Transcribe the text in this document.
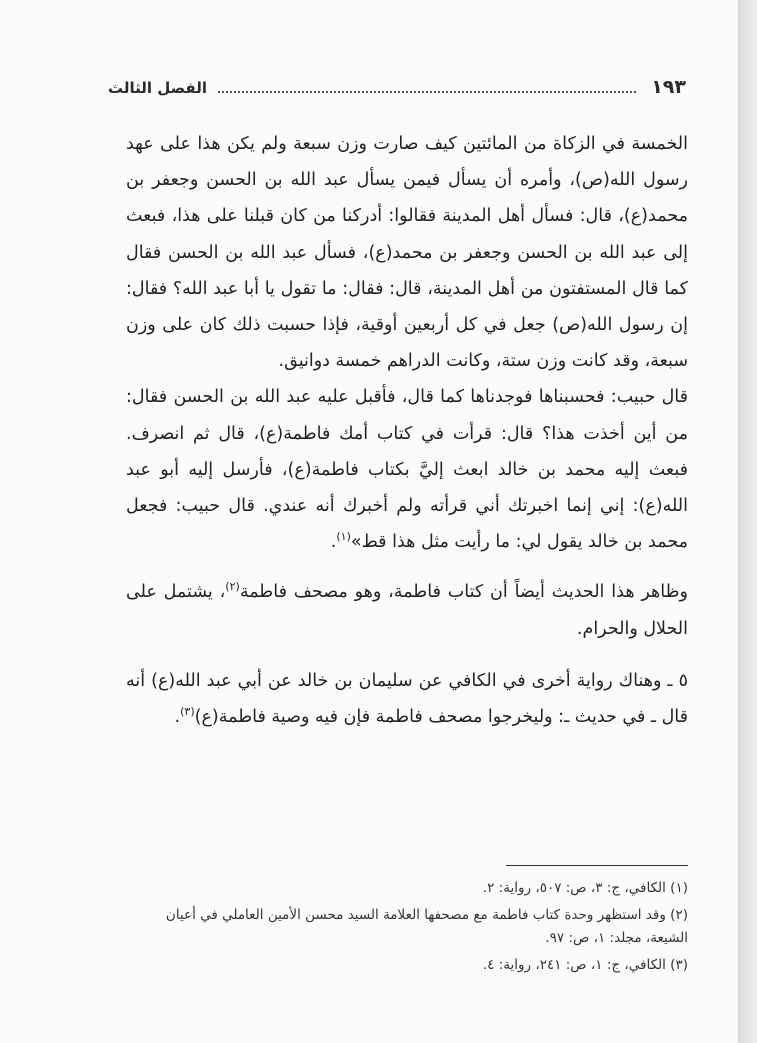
١٩٣
الفصل الثالث

الخمسة في الزكاة من المائتين كيف صارت وزن سبعة ولم يكن هذا على عهد رسول الله(ص)، وأمره أن يسأل فيمن يسأل عبد الله بن الحسن وجعفر بن محمد(ع)، قال: فسأل أهل المدينة فقالوا: أدركنا من كان قبلنا على هذا، فبعث إلى عبد الله بن الحسن وجعفر بن محمد(ع)، فسأل عبد الله بن الحسن فقال كما قال المستفتون من أهل المدينة، قال: فقال: ما تقول يا أبا عبد الله؟ فقال: إن رسول الله(ص) جعل في كل أربعين أوقية، فإذا حسبت ذلك كان على وزن سبعة، وقد كانت وزن ستة، وكانت الدراهم خمسة دوانيق.

قال حبيب: فحسبناها فوجدناها كما قال، فأقبل عليه عبد الله بن الحسن فقال: من أين أخذت هذا؟ قال: قرأت في كتاب أمك فاطمة(ع)، قال ثم انصرف. فبعث إليه محمد بن خالد ابعث إليَّ بكتاب فاطمة(ع)، فأرسل إليه أبو عبد الله(ع): إني إنما اخبرتك أني قرأته ولم أخبرك أنه عندي. قال حبيب: فجعل محمد بن خالد يقول لي: ما رأيت مثل هذا قط»$^{(١)}$.

وظاهر هذا الحديث أيضاً أن كتاب فاطمة، وهو مصحف فاطمة$^{(٢)}$، يشتمل على الحلال والحرام.

٥ ـ وهناك رواية أخرى في الكافي عن سليمان بن خالد عن أبي عبد الله(ع) أنه قال ـ في حديث ـ: وليخرجوا مصحف فاطمة فإن فيه وصية فاطمة(ع)$^{(٣)}$.

(١) الكافي، ج: ٣، ص: ٥٠٧، رواية: ٢.

(٢) وقد استظهر وحدة كتاب فاطمة مع مصحفها العلامة السيد محسن الأمين العاملي في أعيان الشيعة، مجلد: ١، ص: ٩٧.

(٣) الكافي، ج: ١، ص: ٢٤١، رواية: ٤.
